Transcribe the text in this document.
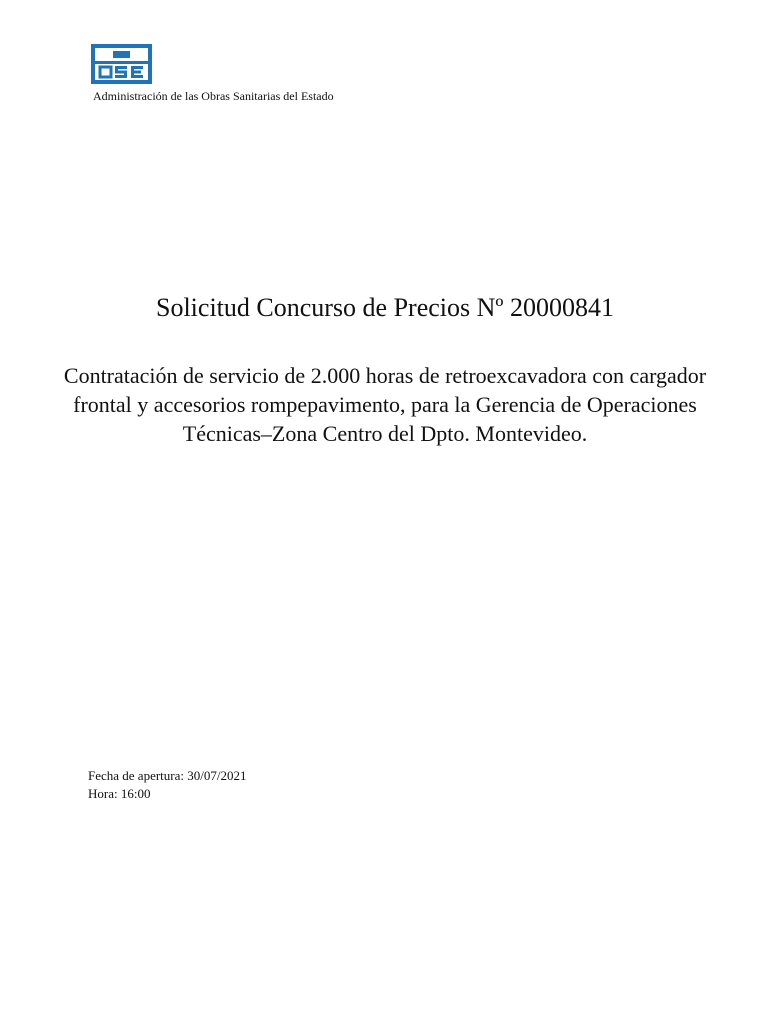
Administración de las Obras Sanitarias del Estado
Solicitud Concurso de Precios Nº 20000841
Contratación de servicio de 2.000 horas de retroexcavadora con cargador frontal y accesorios rompepavimento, para la Gerencia de Operaciones Técnicas–Zona Centro del Dpto. Montevideo.
Fecha de apertura: 30/07/2021
Hora: 16:00
